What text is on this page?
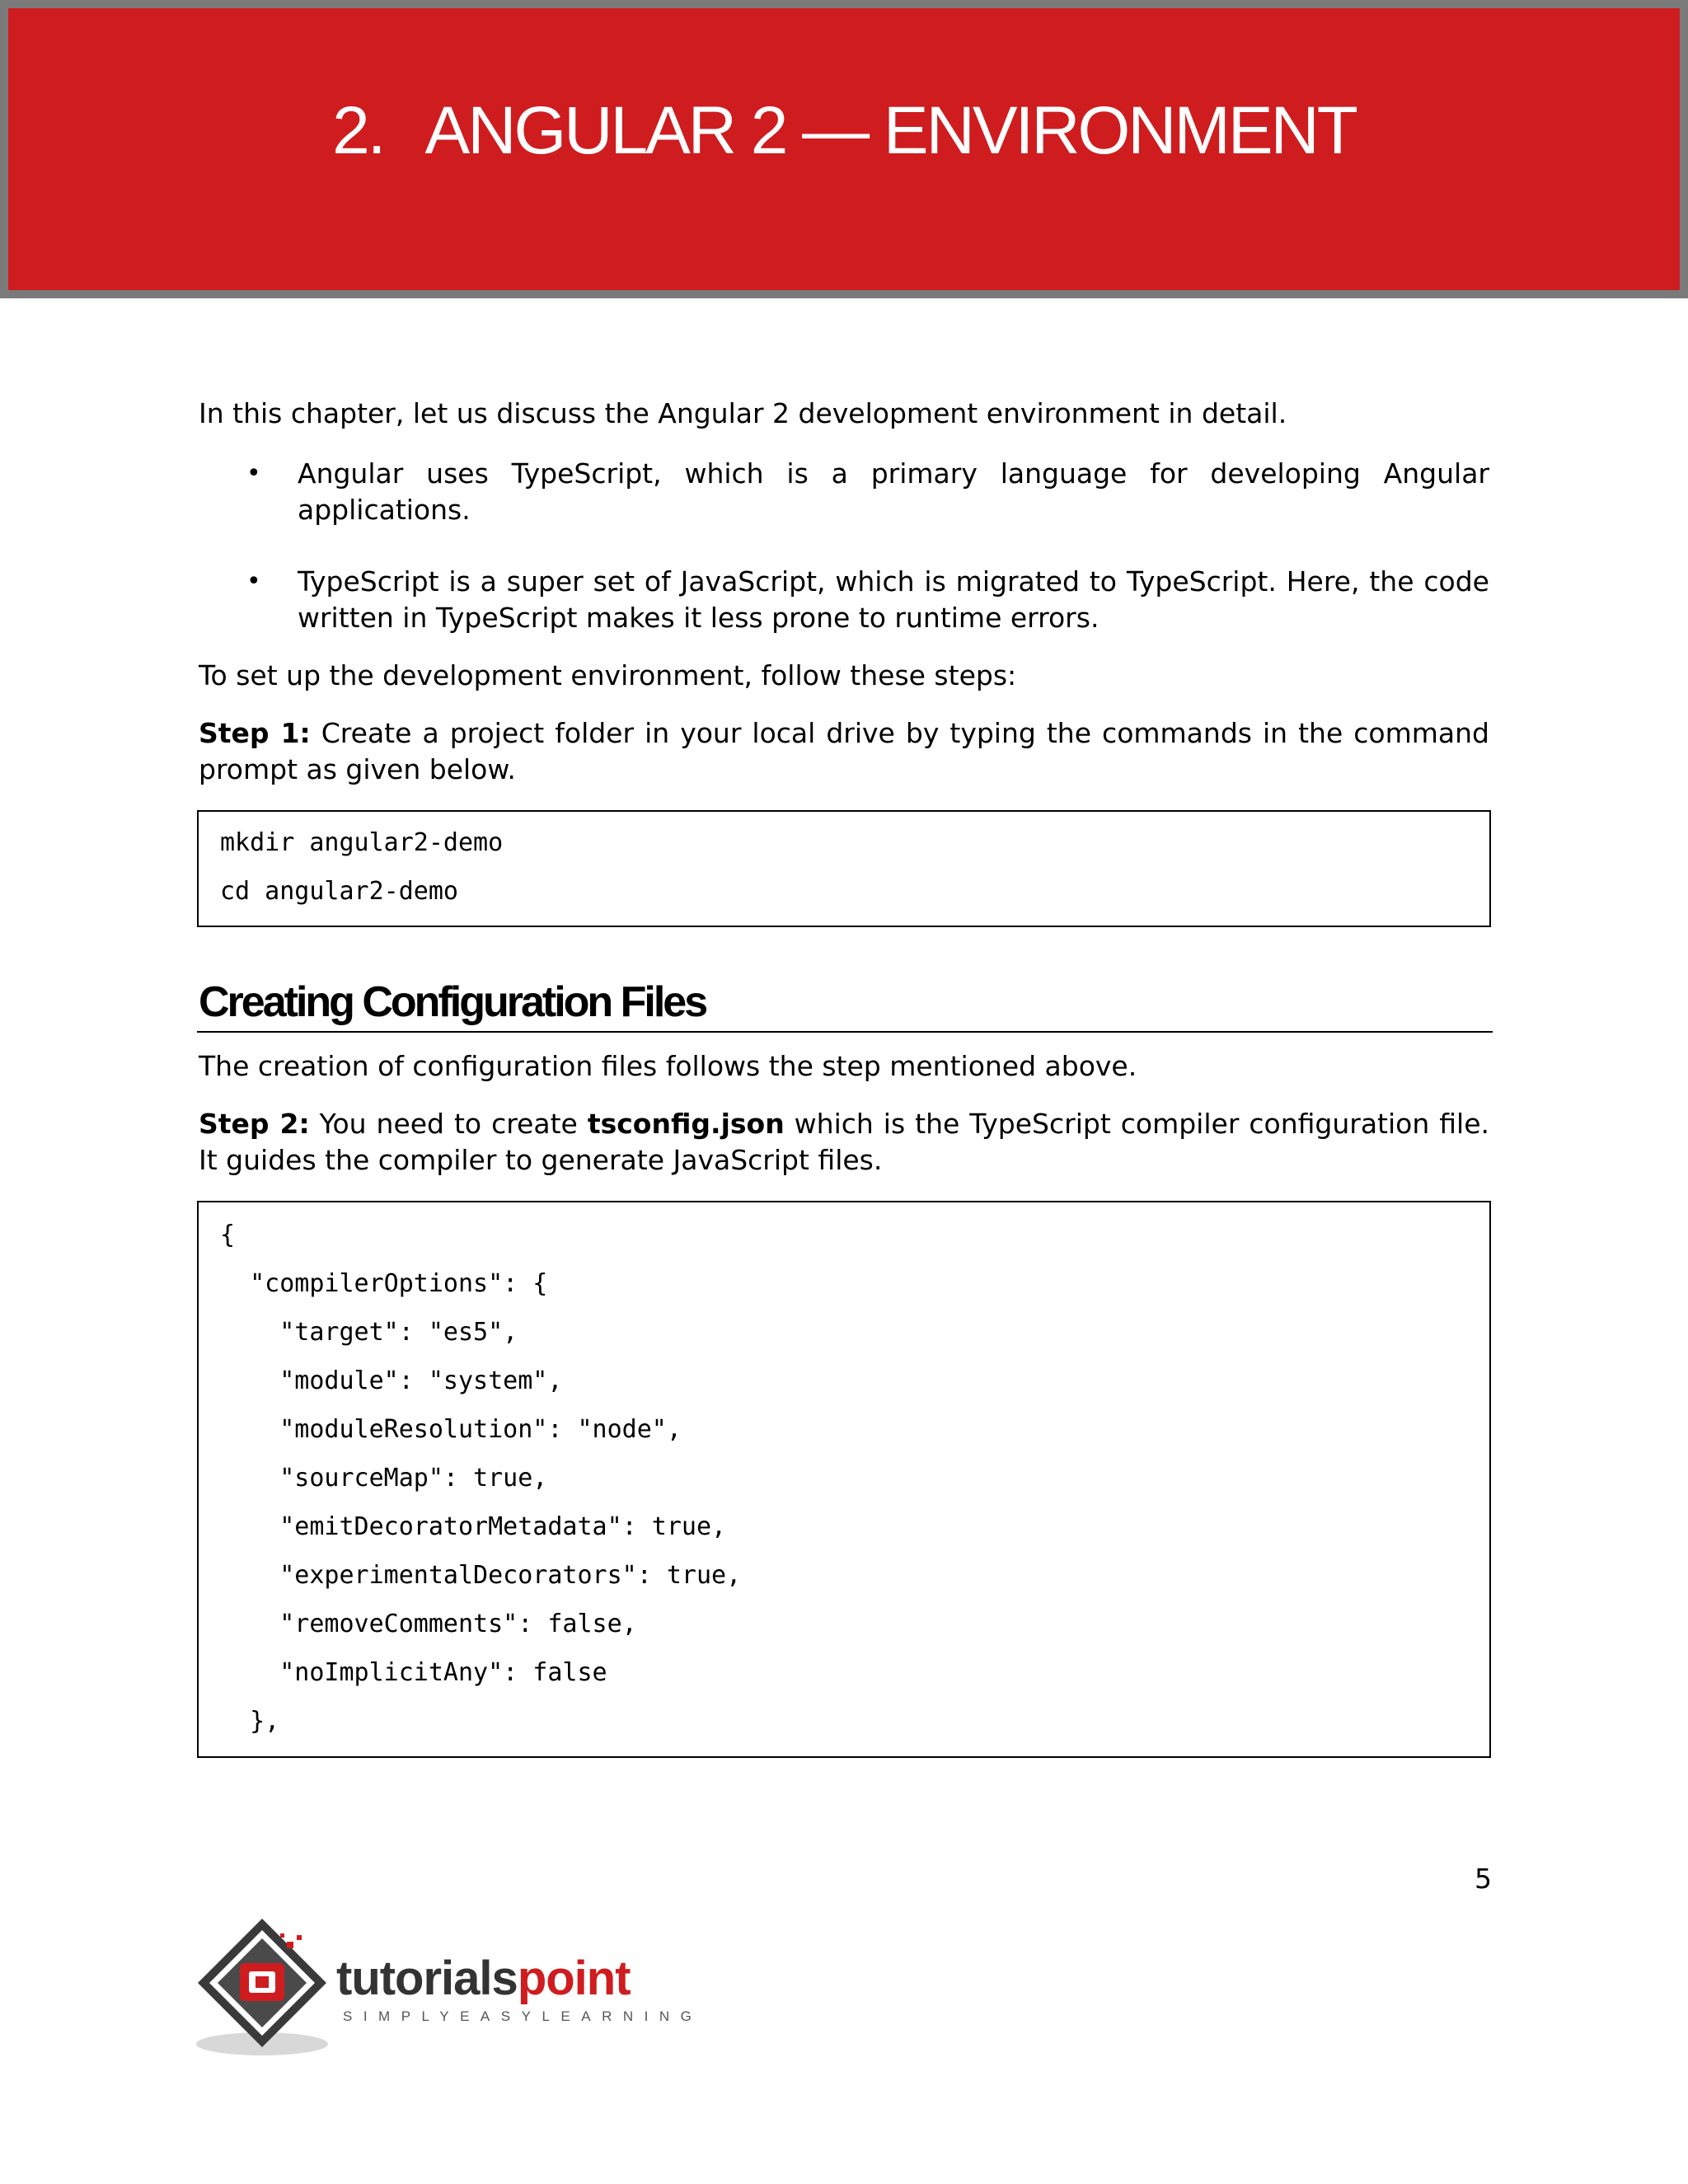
2. ANGULAR 2 — ENVIRONMENT

In this chapter, let us discuss the Angular 2 development environment in detail.

• Angular uses TypeScript, which is a primary language for developing Angular applications.
• TypeScript is a super set of JavaScript, which is migrated to TypeScript. Here, the code written in TypeScript makes it less prone to runtime errors.

To set up the development environment, follow these steps:

Step 1: Create a project folder in your local drive by typing the commands in the command prompt as given below.

mkdir angular2-demo
cd angular2-demo
Creating Configuration Files

The creation of configuration files follows the step mentioned above.

Step 2: You need to create tsconfig.json which is the TypeScript compiler configuration file. It guides the compiler to generate JavaScript files.

{
"compilerOptions": {
"target": "es5",
"module": "system",
"moduleResolution": "node",
"sourceMap": true,
"emitDecoratorMetadata": true,
"experimentalDecorators": true,
"removeComments": false,
"noImplicitAny": false
},
5
tutorialspoint
SIMPLYEASYLEARNING
